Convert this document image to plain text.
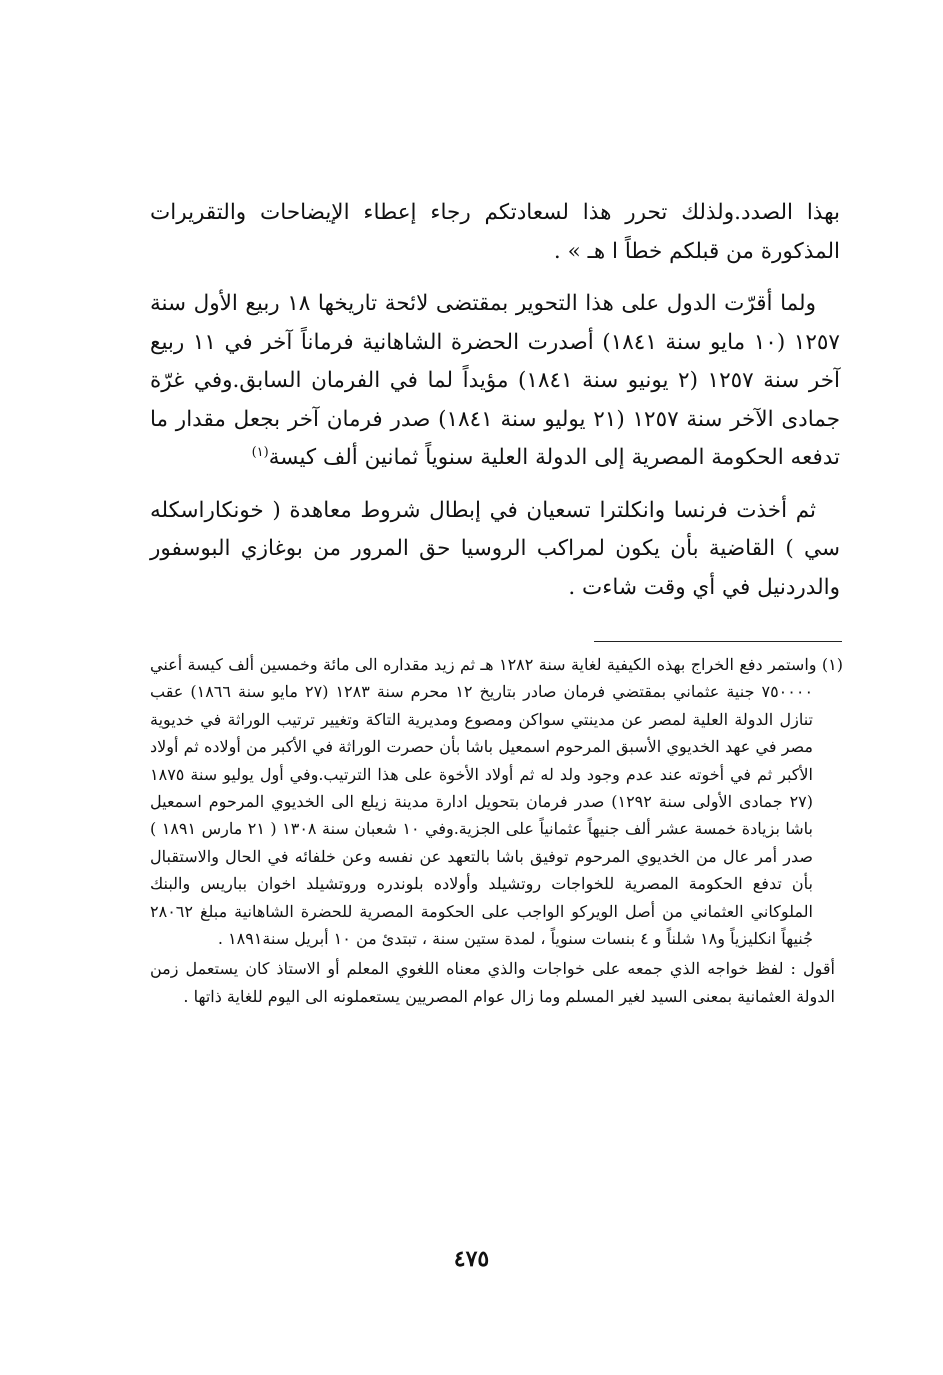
بهذا الصدد.ولذلك تحرر هذا لسعادتكم رجاء إعطاء الإيضاحات والتقريرات المذكورة من قبلكم خطاً ا هـ » .

ولما أقرّت الدول على هذا التحوير بمقتضى لائحة تاريخها ١٨ ربيع الأول سنة ١٢٥٧ (١٠ مايو سنة ١٨٤١) أصدرت الحضرة الشاهانية فرماناً آخر في ١١ ربيع آخر سنة ١٢٥٧ (٢ يونيو سنة ١٨٤١) مؤيداً لما في الفرمان السابق.وفي غرّة جمادى الآخر سنة ١٢٥٧ (٢١ يوليو سنة ١٨٤١) صدر فرمان آخر بجعل مقدار ما تدفعه الحكومة المصرية إلى الدولة العلية سنوياً ثمانين ألف كيسة$^{(١)}$

ثم أخذت فرنسا وانكلترا تسعيان في إبطال شروط معاهدة ( خونكاراسكله سي ) القاضية بأن يكون لمراكب الروسيا حق المرور من بوغازي البوسفور والدردنيل في أي وقت شاءت .

(١) واستمر دفع الخراج بهذه الكيفية لغاية سنة ١٢٨٢ هـ ثم زيد مقداره الى مائة وخمسين ألف كيسة أعني ٧٥٠٠٠٠ جنية عثماني بمقتضي فرمان صادر بتاريخ ١٢ محرم سنة ١٢٨٣ (٢٧ مايو سنة ١٨٦٦) عقب تنازل الدولة العلية لمصر عن مدينتي سواكن ومصوع ومديرية التاكة وتغيير ترتيب الوراثة في خديوية مصر في عهد الخديوي الأسبق المرحوم اسمعيل باشا بأن حصرت الوراثة في الأكبر من أولاده ثم أولاد الأكبر ثم في أخوته عند عدم وجود ولد له ثم أولاد الأخوة على هذا الترتيب.وفي أول يوليو سنة ١٨٧٥ (٢٧ جمادى الأولى سنة ١٢٩٢) صدر فرمان بتحويل ادارة مدينة زيلع الى الخديوي المرحوم اسمعيل باشا بزيادة خمسة عشر ألف جنيهاً عثمانياً على الجزية.وفي ١٠ شعبان سنة ١٣٠٨ ( ٢١ مارس ١٨٩١ ) صدر أمر عال من الخديوي المرحوم توفيق باشا بالتعهد عن نفسه وعن خلفائه في الحال والاستقبال بأن تدفع الحكومة المصرية للخواجات روتشيلد وأولاده بلوندره وروتشيلد اخوان بباريس والبنك الملوكاني العثماني من أصل الويركو الواجب على الحكومة المصرية للحضرة الشاهانية مبلغ ٢٨٠٦٢ جُنيهاً انكليزياً و١٨ شلناً و ٤ بنسات سنوياً ، لمدة ستين سنة ، تبتدئ من ١٠ أبريل سنة١٨٩١ .

أقول : لفظ خواجه الذي جمعه على خواجات والذي معناه اللغوي المعلم أو الاستاذ كان يستعمل زمن الدولة العثمانية بمعنى السيد لغير المسلم وما زال عوام المصريين يستعملونه الى اليوم للغاية ذاتها .

٤٧٥
